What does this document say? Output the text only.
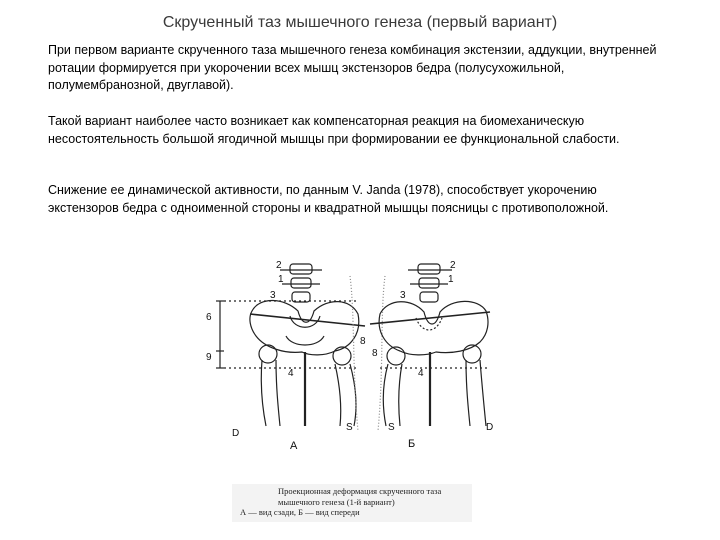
Скрученный таз мышечного генеза (первый вариант)
При первом варианте скрученного таза мышечного генеза комбинация экстензии, аддукции, внутренней ротации формируется при укорочении всех мышц экстензоров бедра (полусухожильной, полумембранозной, двуглавой).
Такой вариант наиболее часто возникает как компенсаторная реакция на биомеханическую несостоятельность большой ягодичной мышцы при формировании ее функциональной слабости.
Снижение ее динамической активности, по данным V. Janda (1978), способствует укорочению экстензоров бедра с одноименной стороны и квадратной мышцы поясницы с противоположной.
1
2
3
4
6
8
9
1
2
3
4
8
D
D
S	S
А	Б
Проекционная деформация скрученного таза
мышечного генеза (1-й вариант)
А — вид сзади, Б — вид спереди
